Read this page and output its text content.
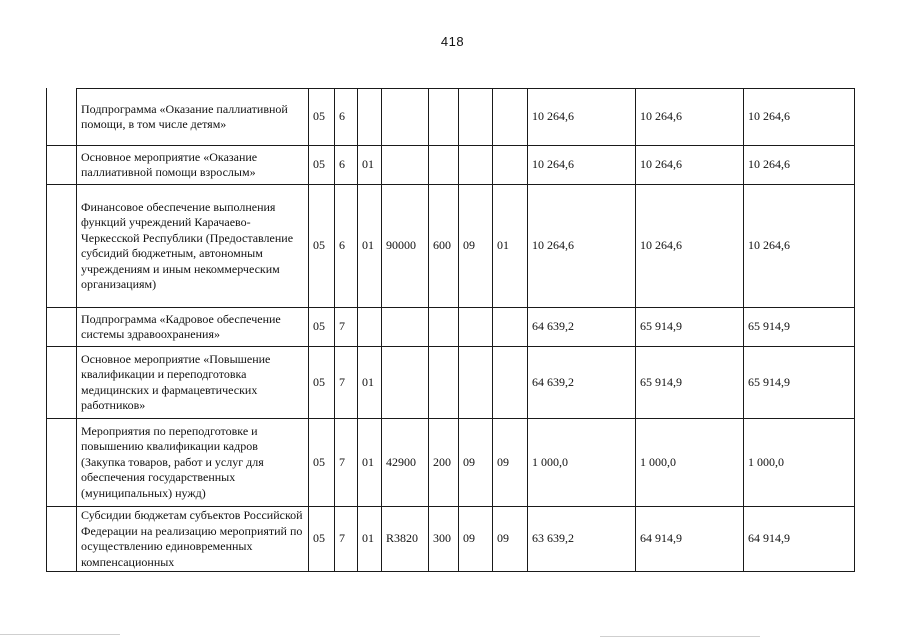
418
	Подпрограмма «Оказание паллиативной помощи, в том числе детям»	05	6						10 264,6	10 264,6	10 264,6
	Основное мероприятие «Оказание паллиативной помощи взрослым»	05	6	01					10 264,6	10 264,6	10 264,6
	Финансовое обеспечение выполнения функций учреждений Карачаево-Черкесской Республики (Предоставление субсидий бюджетным, автономным учреждениям и иным некоммерческим организациям)	05	6	01	90000	600	09	01	10 264,6	10 264,6	10 264,6
	Подпрограмма «Кадровое обеспечение системы здравоохранения»	05	7						64 639,2	65 914,9	65 914,9
	Основное мероприятие «Повышение квалификации и переподготовка медицинских и фармацевтических работников»	05	7	01					64 639,2	65 914,9	65 914,9
	Мероприятия по переподготовке и повышению квалификации кадров (Закупка товаров, работ и услуг для обеспечения государственных (муниципальных) нужд)	05	7	01	42900	200	09	09	1 000,0	1 000,0	1 000,0
	Субсидии бюджетам субъектов Российской Федерации на реализацию мероприятий по осуществлению единовременных компенсационных	05	7	01	R3820	300	09	09	63 639,2	64 914,9	64 914,9
